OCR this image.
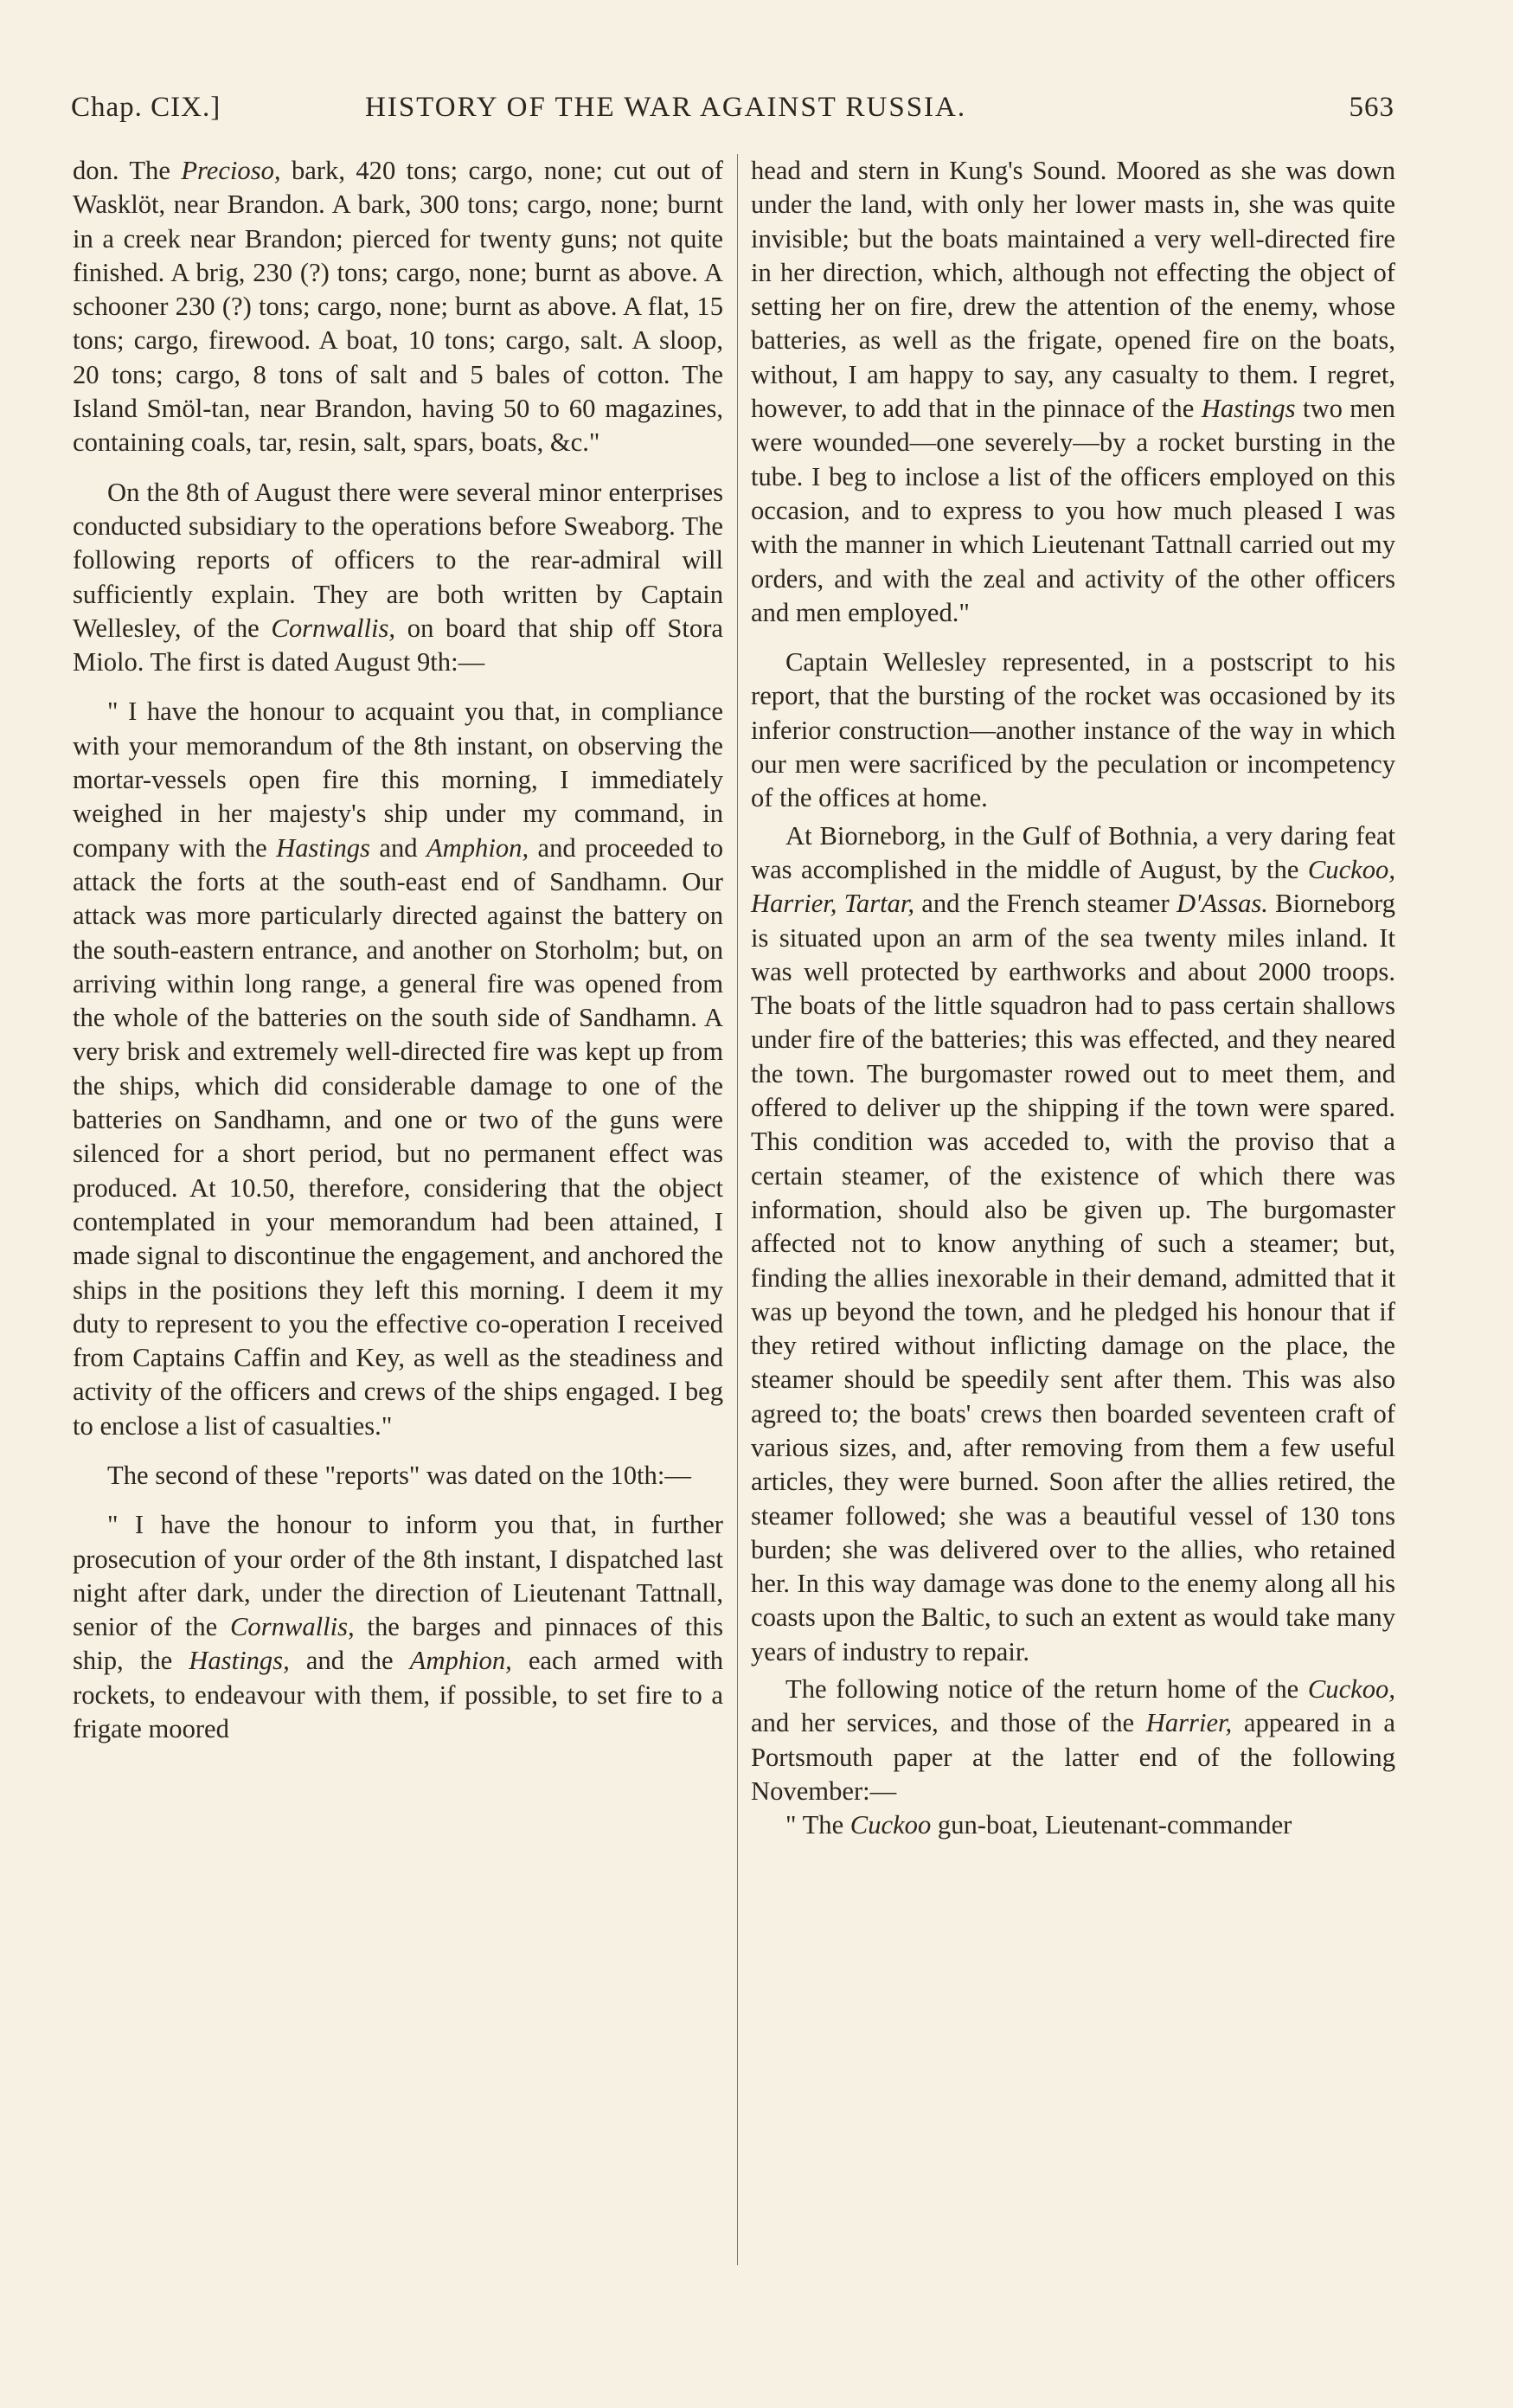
Chap. CIX.]	HISTORY OF THE WAR AGAINST RUSSIA.	563

don. The Precioso, bark, 420 tons; cargo, none; cut out of Wasklöt, near Brandon. A bark, 300 tons; cargo, none; burnt in a creek near Brandon; pierced for twenty guns; not quite finished. A brig, 230 (?) tons; cargo, none; burnt as above. A schooner 230 (?) tons; cargo, none; burnt as above. A flat, 15 tons; cargo, firewood. A boat, 10 tons; cargo, salt. A sloop, 20 tons; cargo, 8 tons of salt and 5 bales of cotton. The Island Smöl-tan, near Brandon, having 50 to 60 magazines, containing coals, tar, resin, salt, spars, boats, &c."

On the 8th of August there were several minor enterprises conducted subsidiary to the operations before Sweaborg. The following reports of officers to the rear-admiral will sufficiently explain. They are both written by Captain Wellesley, of the Cornwallis, on board that ship off Stora Miolo. The first is dated August 9th:—

" I have the honour to acquaint you that, in compliance with your memorandum of the 8th instant, on observing the mortar-vessels open fire this morning, I immediately weighed in her majesty's ship under my command, in company with the Hastings and Amphion, and proceeded to attack the forts at the south-east end of Sandhamn. Our attack was more particularly directed against the battery on the south-eastern entrance, and another on Storholm; but, on arriving within long range, a general fire was opened from the whole of the batteries on the south side of Sandhamn. A very brisk and extremely well-directed fire was kept up from the ships, which did considerable damage to one of the batteries on Sandhamn, and one or two of the guns were silenced for a short period, but no permanent effect was produced. At 10.50, therefore, considering that the object contemplated in your memorandum had been attained, I made signal to discontinue the engagement, and anchored the ships in the positions they left this morning. I deem it my duty to represent to you the effective co-operation I received from Captains Caffin and Key, as well as the steadiness and activity of the officers and crews of the ships engaged. I beg to enclose a list of casualties."

The second of these "reports" was dated on the 10th:—

" I have the honour to inform you that, in further prosecution of your order of the 8th instant, I dispatched last night after dark, under the direction of Lieutenant Tattnall, senior of the Cornwallis, the barges and pinnaces of this ship, the Hastings, and the Amphion, each armed with rockets, to endeavour with them, if possible, to set fire to a frigate moored

head and stern in Kung's Sound. Moored as she was down under the land, with only her lower masts in, she was quite invisible; but the boats maintained a very well-directed fire in her direction, which, although not effecting the object of setting her on fire, drew the attention of the enemy, whose batteries, as well as the frigate, opened fire on the boats, without, I am happy to say, any casualty to them. I regret, however, to add that in the pinnace of the Hastings two men were wounded—one severely—by a rocket bursting in the tube. I beg to inclose a list of the officers employed on this occasion, and to express to you how much pleased I was with the manner in which Lieutenant Tattnall carried out my orders, and with the zeal and activity of the other officers and men employed."

Captain Wellesley represented, in a postscript to his report, that the bursting of the rocket was occasioned by its inferior construction—another instance of the way in which our men were sacrificed by the peculation or incompetency of the offices at home.

At Biorneborg, in the Gulf of Bothnia, a very daring feat was accomplished in the middle of August, by the Cuckoo, Harrier, Tartar, and the French steamer D'Assas. Biorneborg is situated upon an arm of the sea twenty miles inland. It was well protected by earthworks and about 2000 troops. The boats of the little squadron had to pass certain shallows under fire of the batteries; this was effected, and they neared the town. The burgomaster rowed out to meet them, and offered to deliver up the shipping if the town were spared. This condition was acceded to, with the proviso that a certain steamer, of the existence of which there was information, should also be given up. The burgomaster affected not to know anything of such a steamer; but, finding the allies inexorable in their demand, admitted that it was up beyond the town, and he pledged his honour that if they retired without inflicting damage on the place, the steamer should be speedily sent after them. This was also agreed to; the boats' crews then boarded seventeen craft of various sizes, and, after removing from them a few useful articles, they were burned. Soon after the allies retired, the steamer followed; she was a beautiful vessel of 130 tons burden; she was delivered over to the allies, who retained her. In this way damage was done to the enemy along all his coasts upon the Baltic, to such an extent as would take many years of industry to repair.

The following notice of the return home of the Cuckoo, and her services, and those of the Harrier, appeared in a Portsmouth paper at the latter end of the following November:—

" The Cuckoo gun-boat, Lieutenant-commander
